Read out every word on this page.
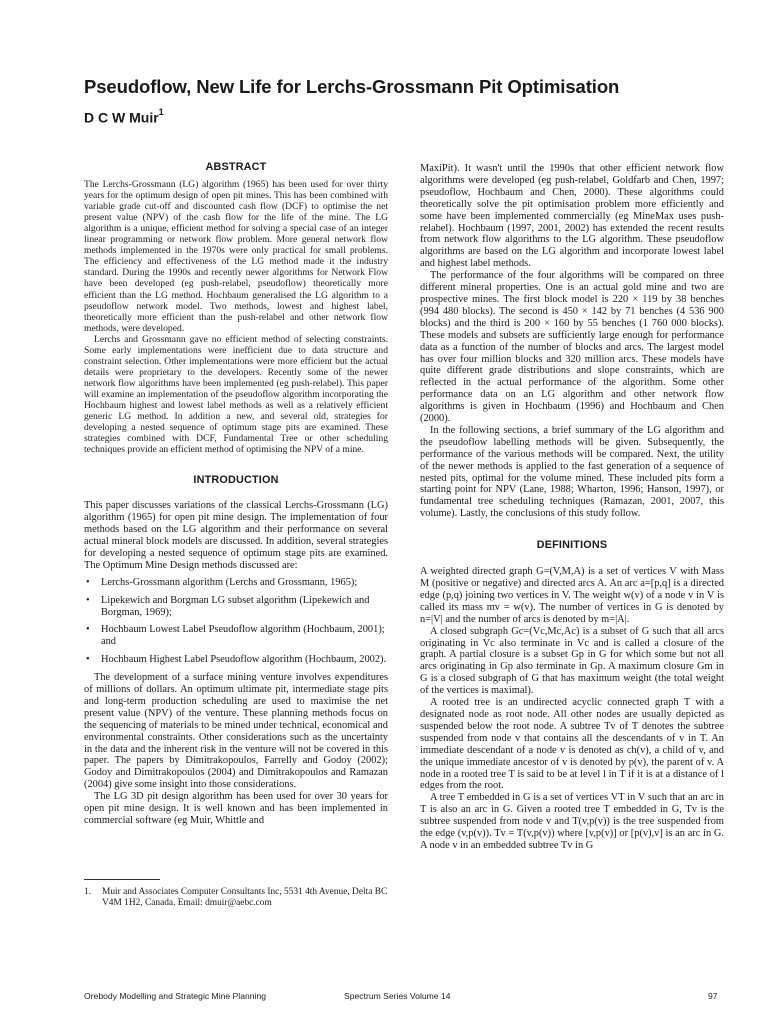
Pseudoflow, New Life for Lerchs-Grossmann Pit Optimisation
D C W Muir$^1$
ABSTRACT

The Lerchs-Grossmann (LG) algorithm (1965) has been used for over thirty years for the optimum design of open pit mines. This has been combined with variable grade cut-off and discounted cash flow (DCF) to optimise the net present value (NPV) of the cash flow for the life of the mine. The LG algorithm is a unique, efficient method for solving a special case of an integer linear programming or network flow problem. More general network flow methods implemented in the 1970s were only practical for small problems. The efficiency and effectiveness of the LG method made it the industry standard. During the 1990s and recently newer algorithms for Network Flow have been developed (eg push-relabel, pseudoflow) theoretically more efficient than the LG method. Hochbaum generalised the LG algorithm to a pseudoflow network model. Two methods, lowest and highest label, theoretically more efficient than the push-relabel and other network flow methods, were developed.

Lerchs and Grossmann gave no efficient method of selecting constraints. Some early implementations were inefficient due to data structure and constraint selection. Other implementations were more efficient but the actual details were proprietary to the developers. Recently some of the newer network flow algorithms have been implemented (eg push-relabel). This paper will examine an implementation of the pseudoflow algorithm incorporating the Hochbaum highest and lowest label methods as well as a relatively efficient generic LG method. In addition a new, and several old, strategies for developing a nested sequence of optimum stage pits are examined. These strategies combined with DCF, Fundamental Tree or other scheduling techniques provide an efficient method of optimising the NPV of a mine.

INTRODUCTION

This paper discusses variations of the classical Lerchs-Grossmann (LG) algorithm (1965) for open pit mine design. The implementation of four methods based on the LG algorithm and their performance on several actual mineral block models are discussed. In addition, several strategies for developing a nested sequence of optimum stage pits are examined. The Optimum Mine Design methods discussed are:

• Lerchs-Grossmann algorithm (Lerchs and Grossmann, 1965);
• Lipekewich and Borgman LG subset algorithm (Lipekewich and Borgman, 1969);
• Hochbaum Lowest Label Pseudoflow algorithm (Hochbaum, 2001); and
• Hochbaum Highest Label Pseudoflow algorithm (Hochbaum, 2002).

The development of a surface mining venture involves expenditures of millions of dollars. An optimum ultimate pit, intermediate stage pits and long-term production scheduling are used to maximise the net present value (NPV) of the venture. These planning methods focus on the sequencing of materials to be mined under technical, economical and environmental constraints. Other considerations such as the uncertainty in the data and the inherent risk in the venture will not be covered in this paper. The papers by Dimitrakopoulos, Farrelly and Godoy (2002); Godoy and Dimitrakopoulos (2004) and Dimitrakopoulos and Ramazan (2004) give some insight into those considerations.

The LG 3D pit design algorithm has been used for over 30 years for open pit mine design. It is well known and has been implemented in commercial software (eg Muir, Whittle and

MaxiPit). It wasn't until the 1990s that other efficient network flow algorithms were developed (eg push-relabel, Goldfarb and Chen, 1997; pseudoflow, Hochbaum and Chen, 2000). These algorithms could theoretically solve the pit optimisation problem more efficiently and some have been implemented commercially (eg MineMax uses push-relabel). Hochbaum (1997, 2001, 2002) has extended the recent results from network flow algorithms to the LG algorithm. These pseudoflow algorithms are based on the LG algorithm and incorporate lowest label and highest label methods.

The performance of the four algorithms will be compared on three different mineral properties. One is an actual gold mine and two are prospective mines. The first block model is 220 × 119 by 38 benches (994 480 blocks). The second is 450 × 142 by 71 benches (4 536 900 blocks) and the third is 200 × 160 by 55 benches (1 760 000 blocks). These models and subsets are sufficiently large enough for performance data as a function of the number of blocks and arcs. The largest model has over four million blocks and 320 million arcs. These models have quite different grade distributions and slope constraints, which are reflected in the actual performance of the algorithm. Some other performance data on an LG algorithm and other network flow algorithms is given in Hochbaum (1996) and Hochbaum and Chen (2000).

In the following sections, a brief summary of the LG algorithm and the pseudoflow labelling methods will be given. Subsequently, the performance of the various methods will be compared. Next, the utility of the newer methods is applied to the fast generation of a sequence of nested pits, optimal for the volume mined. These included pits form a starting point for NPV (Lane, 1988; Wharton, 1996; Hanson, 1997), or fundamental tree scheduling techniques (Ramazan, 2001, 2007, this volume). Lastly, the conclusions of this study follow.

DEFINITIONS

A weighted directed graph G=(V,M,A) is a set of vertices V with Mass M (positive or negative) and directed arcs A. An arc a=[p,q] is a directed edge (p,q) joining two vertices in V. The weight w(v) of a node v in V is called its mass mv = w(v). The number of vertices in G is denoted by n=|V| and the number of arcs is denoted by m=|A|.

A closed subgraph Gc=(Vc,Mc,Ac) is a subset of G such that all arcs originating in Vc also terminate in Vc and is called a closure of the graph. A partial closure is a subset Gp in G for which some but not all arcs originating in Gp also terminate in Gp. A maximum closure Gm in G is a closed subgraph of G that has maximum weight (the total weight of the vertices is maximal).

A rooted tree is an undirected acyclic connected graph T with a designated node as root node. All other nodes are usually depicted as suspended below the root node. A subtree Tv of T denotes the subtree suspended from node v that contains all the descendants of v in T. An immediate descendant of a node v is denoted as ch(v), a child of v, and the unique immediate ancestor of v is denoted by p(v), the parent of v. A node in a rooted tree T is said to be at level l in T if it is at a distance of l edges from the root.

A tree T embedded in G is a set of vertices VT in V such that an arc in T is also an arc in G. Given a rooted tree T embedded in G, Tv is the subtree suspended from node v and T(v,p(v)) is the tree suspended from the edge (v,p(v)). Tv = T(v,p(v)) where [v,p(v)] or [p(v),v] is an arc in G. A node v in an embedded subtree Tv in G

1.	Muir and Associates Computer Consultants Inc, 5531 4th Avenue, Delta BC V4M 1H2, Canada. Email: dmuir@aebc.com
Orebody Modelling and Strategic Mine Planning	Spectrum Series Volume 14	97
